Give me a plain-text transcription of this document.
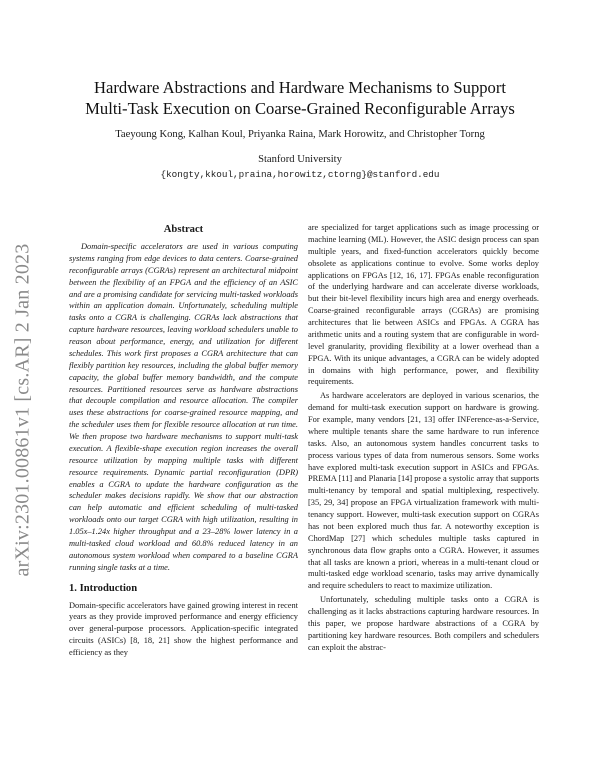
arXiv:2301.00861v1 [cs.AR] 2 Jan 2023
Hardware Abstractions and Hardware Mechanisms to Support
Multi-Task Execution on Coarse-Grained Reconfigurable Arrays
Taeyoung Kong, Kalhan Koul, Priyanka Raina, Mark Horowitz, and Christopher Torng
Stanford University
{kongty,kkoul,praina,horowitz,ctorng}@stanford.edu
Abstract

Domain-specific accelerators are used in various computing systems ranging from edge devices to data centers. Coarse-grained reconfigurable arrays (CGRAs) represent an architectural midpoint between the flexibility of an FPGA and the efficiency of an ASIC and are a promising candidate for servicing multi-tasked workloads within an application domain. Unfortunately, scheduling multiple tasks onto a CGRA is challenging. CGRAs lack abstractions that capture hardware resources, leaving workload schedulers unable to reason about performance, energy, and utilization for different schedules. This work first proposes a CGRA architecture that can flexibly partition key resources, including the global buffer memory capacity, the global buffer memory bandwidth, and the compute resources. Partitioned resources serve as hardware abstractions that decouple compilation and resource allocation. The compiler uses these abstractions for coarse-grained resource mapping, and the scheduler uses them for flexible resource allocation at run time. We then propose two hardware mechanisms to support multi-task execution. A flexible-shape execution region increases the overall resource utilization by mapping multiple tasks with different resource requirements. Dynamic partial reconfiguration (DPR) enables a CGRA to update the hardware configuration as the scheduler makes decisions rapidly. We show that our abstraction can help automatic and efficient scheduling of multi-tasked workloads onto our target CGRA with high utilization, resulting in 1.05x–1.24x higher throughput and a 23–28% lower latency in a multi-tasked cloud workload and 60.8% reduced latency in an autonomous system workload when compared to a baseline CGRA running single tasks at a time.

1. Introduction

Domain-specific accelerators have gained growing interest in recent years as they provide improved performance and energy efficiency over general-purpose processors. Application-specific integrated circuits (ASICs) [8, 18, 21] show the highest performance and efficiency as they

are specialized for target applications such as image processing or machine learning (ML). However, the ASIC design process can span multiple years, and fixed-function accelerators quickly become obsolete as applications continue to evolve. Some works deploy applications on FPGAs [12, 16, 17]. FPGAs enable reconfiguration of the underlying hardware and can accelerate diverse workloads, but their bit-level flexibility incurs high area and energy overheads. Coarse-grained reconfigurable arrays (CGRAs) are promising architectures that lie between ASICs and FPGAs. A CGRA has arithmetic units and a routing system that are configurable in word-level granularity, providing flexibility at a lower overhead than a FPGA. With its unique advantages, a CGRA can be widely adopted in domains with high performance, power, and flexibility requirements.

As hardware accelerators are deployed in various scenarios, the demand for multi-task execution support on hardware is growing. For example, many vendors [21, 13] offer INFerence-as-a-Service, where multiple tenants share the same hardware to run inference tasks. Also, an autonomous system handles concurrent tasks to process various types of data from numerous sensors. Some works have explored multi-task execution support in ASICs and FPGAs. PREMA [11] and Planaria [14] propose a systolic array that supports multi-tenancy by temporal and spatial multiplexing, respectively. [35, 29, 34] propose an FPGA virtualization framework with multi-tenancy support. However, multi-task execution support on CGRAs has not been explored much thus far. A noteworthy exception is ChordMap [27] which schedules multiple tasks captured in synchronous data flow graphs onto a CGRA. However, it assumes that all tasks are known a priori, whereas in a multi-tenant cloud or multi-tasked edge workload scenario, tasks may arrive dynamically and require schedulers to react to maximize utilization.

Unfortunately, scheduling multiple tasks onto a CGRA is challenging as it lacks abstractions capturing hardware resources. In this paper, we propose hardware abstractions of a CGRA by partitioning key hardware resources. Both compilers and schedulers can exploit the abstrac-
